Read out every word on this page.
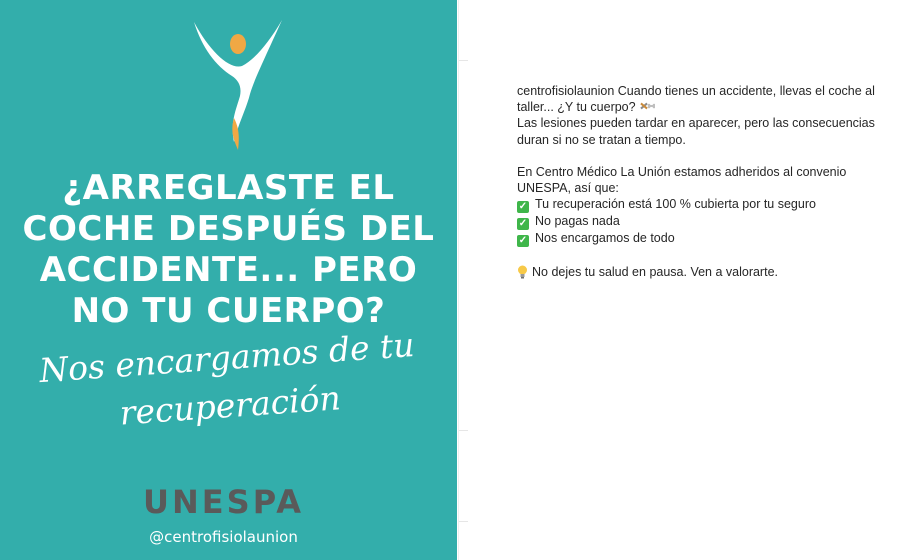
¿ARREGLASTE EL
COCHE DESPUÉS DEL
ACCIDENTE... PERO
NO TU CUERPO?
Nos encargamos de tu
recuperación
UNESPA
@centrofisiolaunion
centrofisiolaunion Cuando tienes un accidente, llevas el coche al
taller... ¿Y tu cuerpo?
Las lesiones pueden tardar en aparecer, pero las consecuencias
duran si no se tratan a tiempo.
En Centro Médico La Unión estamos adheridos al convenio
UNESPA, así que:
✓ Tu recuperación está 100 % cubierta por tu seguro
✓ No pagas nada
✓ Nos encargamos de todo
No dejes tu salud en pausa. Ven a valorarte.
